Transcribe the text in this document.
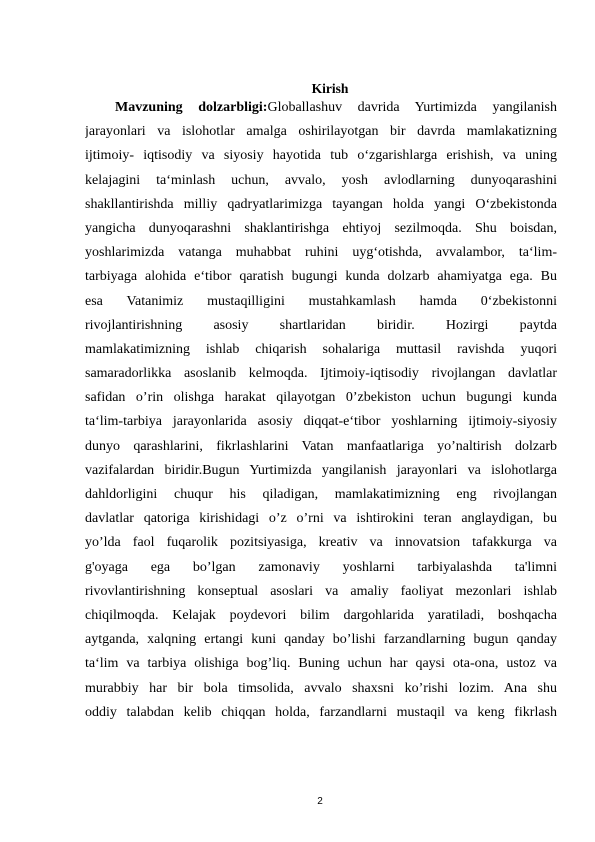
Kirish
Mavzuning dolzarbligi:Globallashuv davrida Yurtimizda yangilanish
jarayonlari va islohotlar amalga oshirilayotgan bir davrda mamlakatizning
ijtimoiy- iqtisodiy va siyosiy hayotida tub o‘zgarishlarga erishish, va uning
kelajagini ta‘minlash uchun, avvalo, yosh avlodlarning dunyoqarashini
shakllantirishda milliy qadryatlarimizga tayangan holda yangi O‘zbekistonda
yangicha dunyoqarashni shaklantirishga ehtiyoj sezilmoqda. Shu boisdan,
yoshlarimizda vatanga muhabbat ruhini uyg‘otishda, avvalambor, ta‘lim-
tarbiyaga alohida e‘tibor qaratish bugungi kunda dolzarb ahamiyatga ega. Bu
esa Vatanimiz mustaqilligini mustahkamlash hamda 0‘zbekistonni
rivojlantirishning asosiy shartlaridan biridir. Hozirgi paytda
mamlakatimizning ishlab chiqarish sohalariga muttasil ravishda yuqori
samaradorlikka asoslanib kelmoqda. Ijtimoiy-iqtisodiy rivojlangan davlatlar
safidan o’rin olishga harakat qilayotgan 0’zbekiston uchun bugungi kunda
ta‘lim-tarbiya jarayonlarida asosiy diqqat-e‘tibor yoshlarning ijtimoiy-siyosiy
dunyo qarashlarini, fikrlashlarini Vatan manfaatlariga yo’naltirish dolzarb
vazifalardan biridir.Bugun Yurtimizda yangilanish jarayonlari va islohotlarga
dahldorligini chuqur his qiladigan, mamlakatimizning eng rivojlangan
davlatlar qatoriga kirishidagi o’z o’rni va ishtirokini teran anglaydigan, bu
yo’lda faol fuqarolik pozitsiyasiga, kreativ va innovatsion tafakkurga va
g'oyaga ega bo’lgan zamonaviy yoshlarni tarbiyalashda ta'limni
rivovlantirishning konseptual asoslari va amaliy faoliyat mezonlari ishlab
chiqilmoqda. Kelajak poydevori bilim dargohlarida yaratiladi, boshqacha
aytganda, xalqning ertangi kuni qanday bo’lishi farzandlarning bugun qanday
ta‘lim va tarbiya olishiga bog’liq. Buning uchun har qaysi ota-ona, ustoz va
murabbiy har bir bola timsolida, avvalo shaxsni ko’rishi lozim. Ana shu
oddiy talabdan kelib chiqqan holda, farzandlarni mustaqil va keng fikrlash
2
